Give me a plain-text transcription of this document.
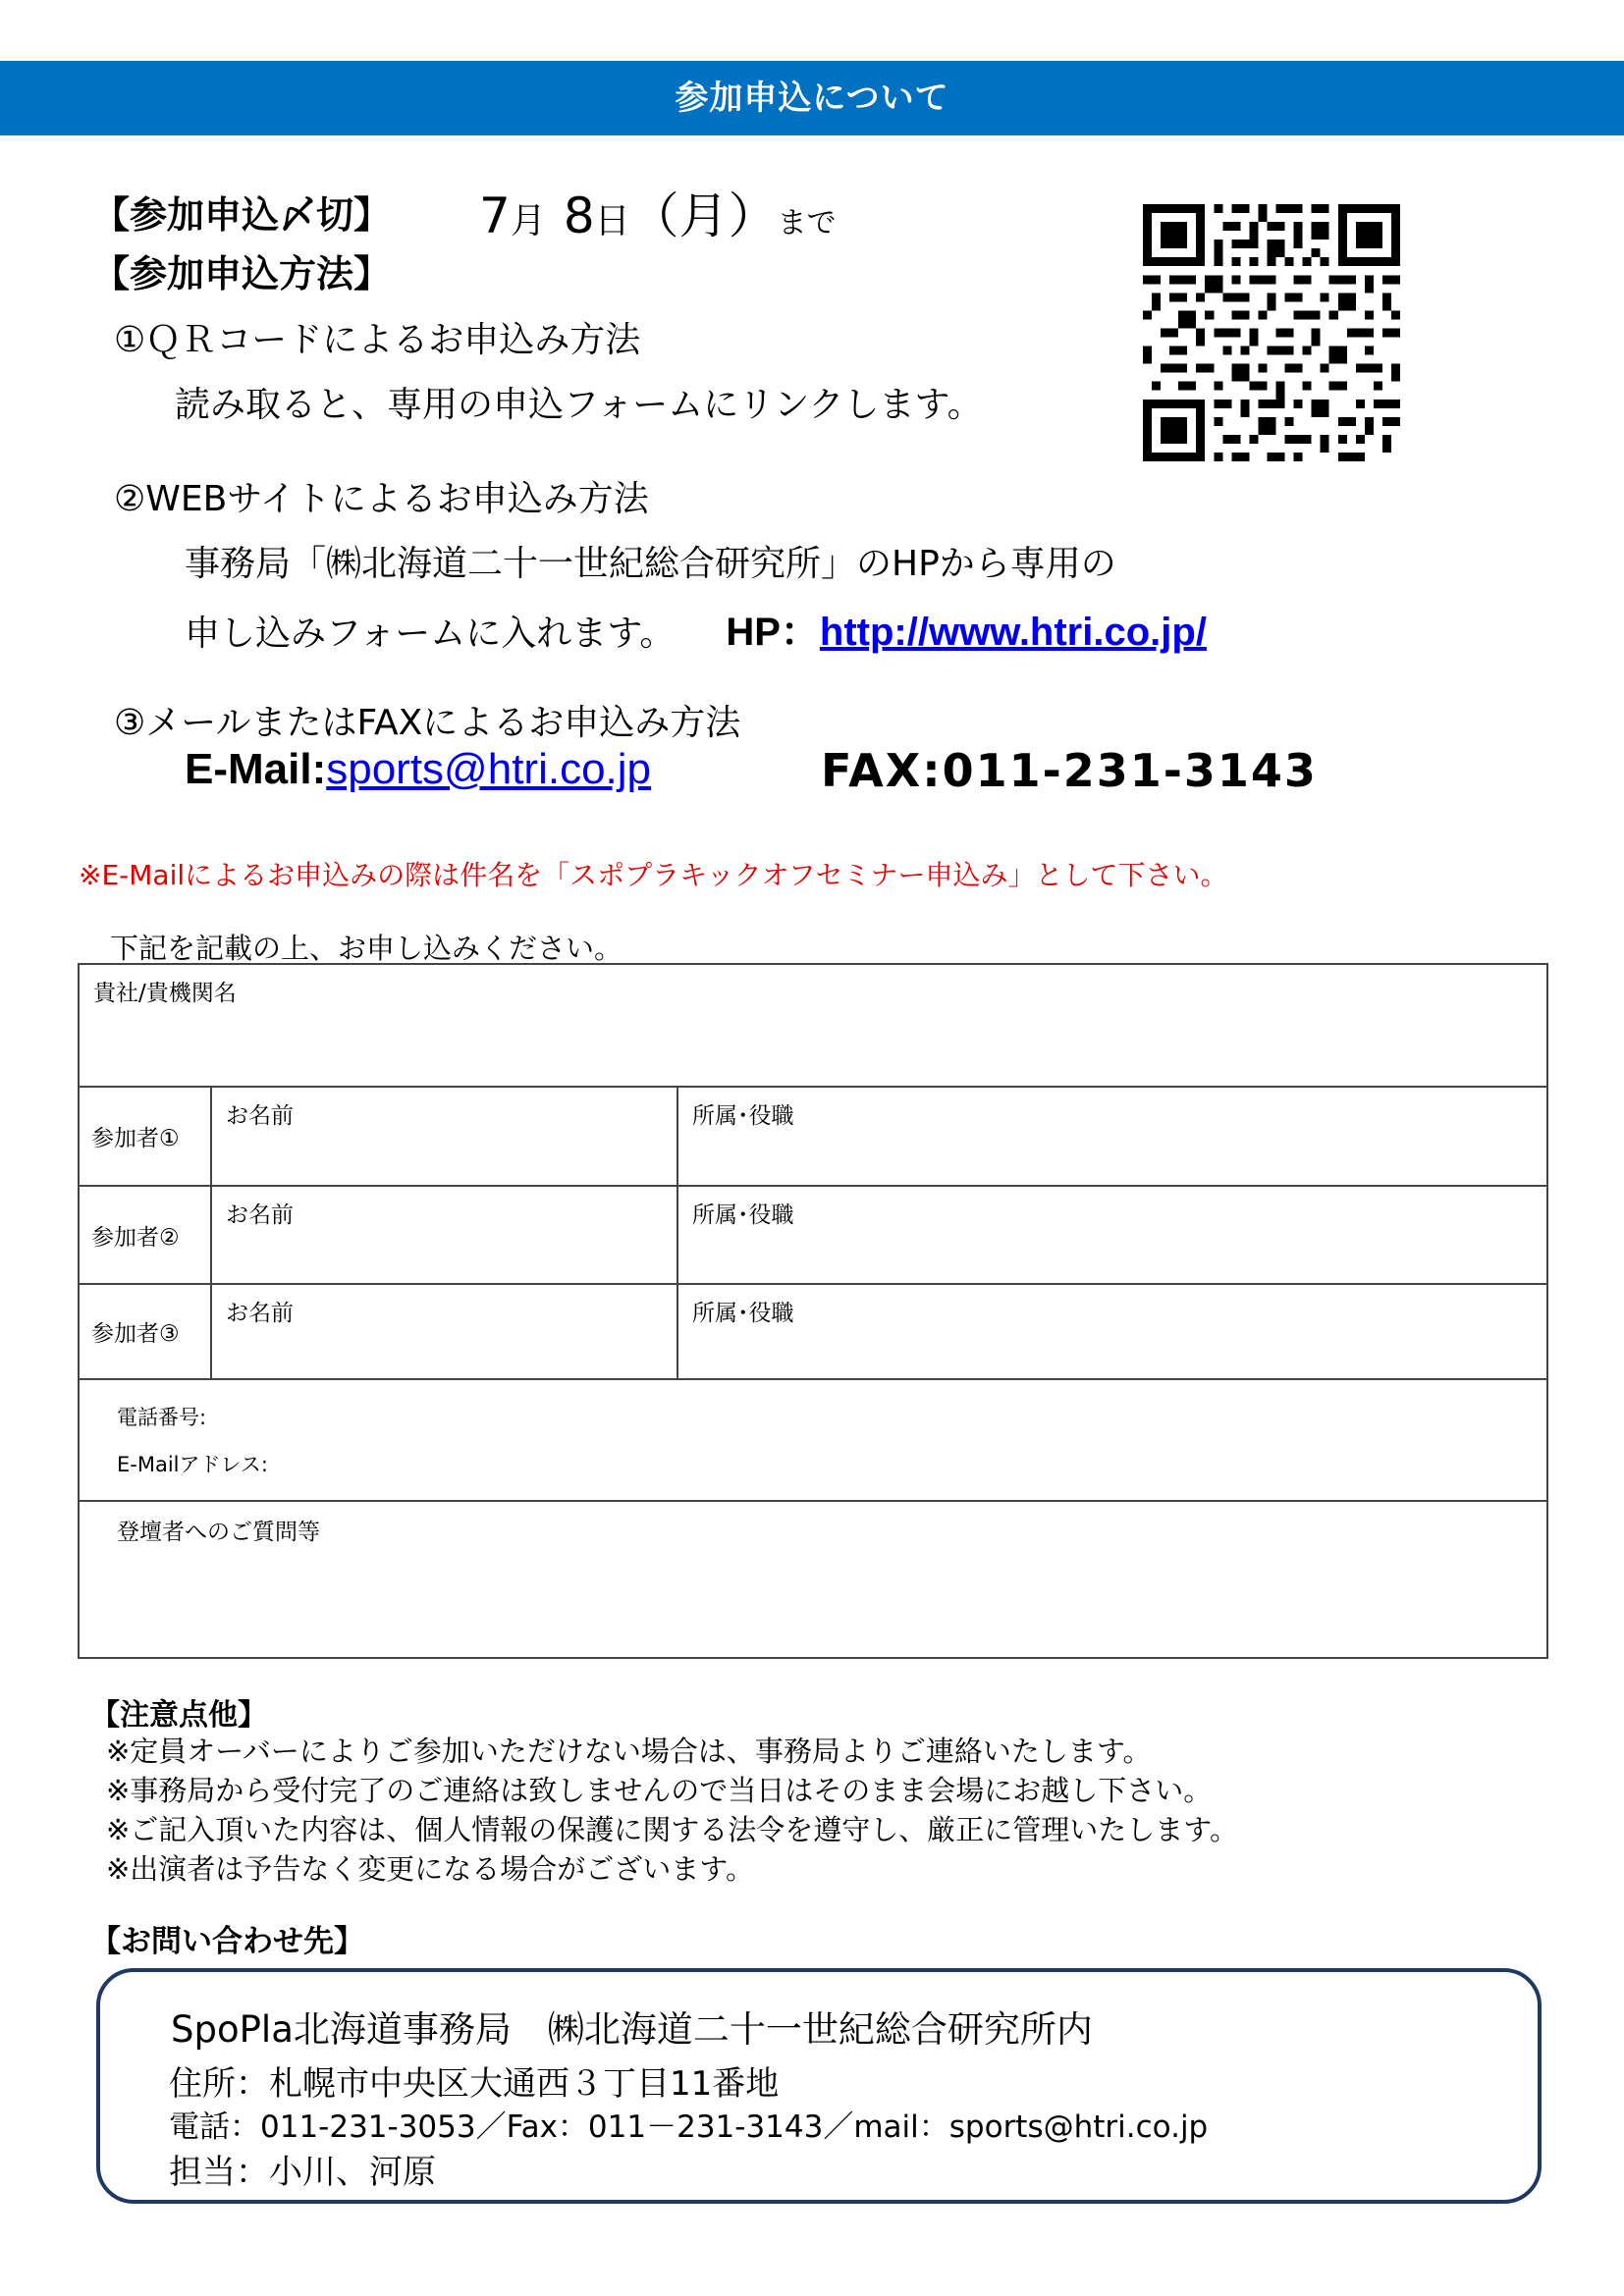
参加申込について
【参加申込〆切】 7月 8日（月）まで
【参加申込方法】
①ＱＲコードによるお申込み方法
読み取ると、専用の申込フォームにリンクします。
②WEBサイトによるお申込み方法
事務局「㈱北海道二十一世紀総合研究所」のHPから専用の
申し込みフォームに入れます。 HP：http://www.htri.co.jp/
③メールまたはFAXによるお申込み方法
E-Mail:sports@htri.co.jp	FAX:011-231-3143
※E-Mailによるお申込みの際は件名を「スポプラキックオフセミナー申込み」として下さい。
下記を記載の上、お申し込みください。
貴社/貴機関名		

参加者①	お名前	所属･役職

参加者②	お名前	所属･役職

参加者③	お名前	所属･役職

電話番号:
E-Mailアドレス:		

登壇者へのご質問等		
【注意点他】
※定員オーバーによりご参加いただけない場合は、事務局よりご連絡いたします。
※事務局から受付完了のご連絡は致しませんので当日はそのまま会場にお越し下さい。
※ご記入頂いた内容は、個人情報の保護に関する法令を遵守し、厳正に管理いたします。
※出演者は予告なく変更になる場合がございます。
【お問い合わせ先】
SpoPla北海道事務局　㈱北海道二十一世紀総合研究所内
住所：札幌市中央区大通西３丁目11番地
電話：011-231-3053／Fax：011－231-3143／mail：sports@htri.co.jp
担当：小川、河原
